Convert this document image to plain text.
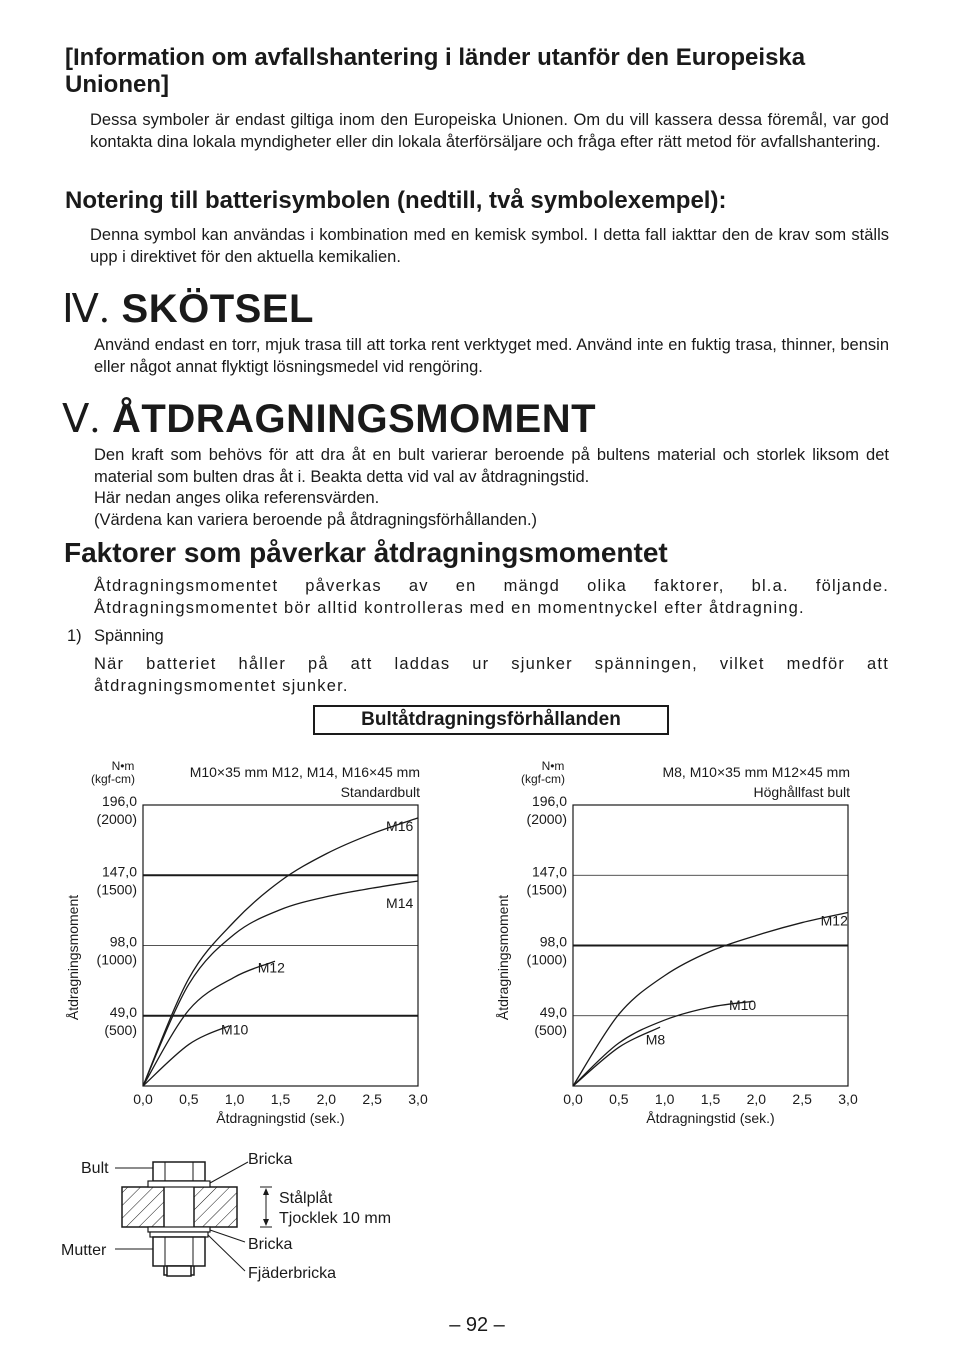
[Information om avfallshantering i länder utanför den Europeiska Unionen]
Dessa symboler är endast giltiga inom den Europeiska Unionen. Om du vill kassera dessa föremål, var god kontakta dina lokala myndigheter eller din lokala återförsäljare och fråga efter rätt metod för avfallshantering.
Notering till batterisymbolen (nedtill, två symbolexempel):
Denna symbol kan användas i kombination med en kemisk symbol. I detta fall iakttar den de krav som ställs upp i direktivet för den aktuella kemikalien.
Ⅳ. SKÖTSEL
Använd endast en torr, mjuk trasa till att torka rent verktyget med. Använd inte en fuktig trasa, thinner, bensin eller något annat flyktigt lösningsmedel vid rengöring.
Ⅴ. ÅTDRAGNINGSMOMENT
Den kraft som behövs för att dra åt en bult varierar beroende på bultens material och storlek liksom det material som bulten dras åt i. Beakta detta vid val av åtdragningstid.
Här nedan anges olika referensvärden.
(Värdena kan variera beroende på åtdragningsförhållanden.)
Faktorer som påverkar åtdragningsmomentet
Åtdragningsmomentet påverkas av en mängd olika faktorer, bl.a. följande. Åtdragningsmomentet bör alltid kontrolleras med en momentnyckel efter åtdragning.
1) Spänning
När batteriet håller på att laddas ur sjunker spänningen, vilket medför att åtdragningsmomentet sjunker.
Bultåtdragningsförhållanden
196,0
(2000)
147,0
(1500)
98,0
(1000)
49,0
(500)
0,0 0,5 1,0 1,5 2,0 2,5 3,0
Åtdragningstid (sek.)
Åtdragningsmoment
N•m
(kgf-cm)	M10×35 mm M12, M14, M16×45 mm
Standardbult
M16
M14
M12
M10
196,0
(2000)
147,0
(1500)
98,0
(1000)
49,0
(500)
0,0 0,5 1,0 1,5 2,0 2,5 3,0
Åtdragningstid (sek.)
Åtdragningsmoment
N•m
(kgf-cm)	M8, M10×35 mm M12×45 mm
Höghållfast bult
M12
M10
M8
Bult
Bricka
Stålplåt
Tjocklek 10 mm
Mutter	Bricka
Fjäderbricka
– 92 –
